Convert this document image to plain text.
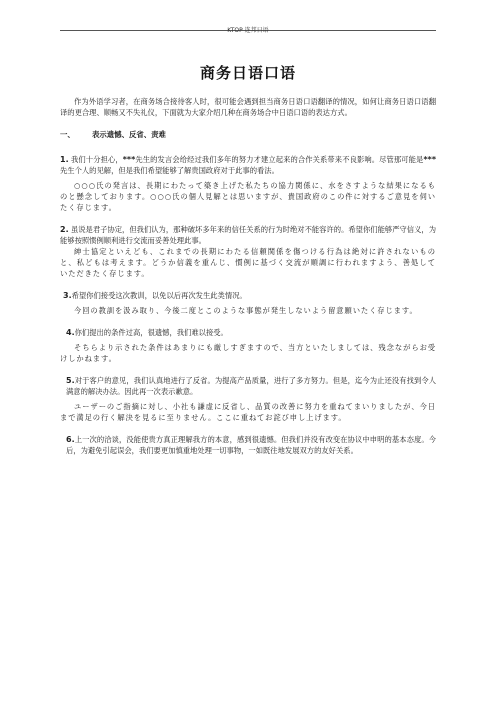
KTOP 连邦日语
商务日语口语

作为外语学习者，在商务场合接待客人时，很可能会遇到担当商务日语口语翻译的情况，如何让商务日语口语翻译的更合理、顺畅又不失礼仪，下面就为大家介绍几种在商务场合中日语口语的表达方式。

一、 表示遗憾、反省、责难

1. 我们十分担心，***先生的发言会给经过我们多年的努力才建立起来的合作关系带来不良影响。尽管那可能是***先生个人的见解，但是我们希望能够了解贵国政府对于此事的看法。

○○○氏の発言は、長期にわたって築き上げた私たちの協力関係に、水をさすような結果になるものと懸念しております。○○○氏の個人見解とは思いますが、貴国政府のこの件に対するご意見を伺いたく存じます。

2. 虽说是君子协定，但我们认为，那种破坏多年来的信任关系的行为时绝对不能容许的。希望你们能够严守信义，为能够按照惯例顺利进行交流而妥善处理此事。

紳士協定といえども、これまでの長期にわたる信頼関係を傷つける行為は絶対に許されないものと、私どもは考えます。どうか信義を重んじ、慣例に基づく交流が順調に行われますよう、善処していただきたく存じます。

3.希望你们接受这次教训，以免以后再次发生此类情况。

今回の教訓を汲み取り、今後二度とこのような事態が発生しないよう留意願いたく存じます。

4.你们提出的条件过高，很遗憾，我们难以接受。

そちらより示された条件はあまりにも厳しすぎますので、当方といたしましては、残念ながらお受けしかねます。

5.对于客户的意见，我们认真地进行了反省。为提高产品质量，进行了多方努力。但是，迄今为止还没有找到令人满意的解决办法。因此再一次表示歉意。

ユーザーのご指摘に対し、小社も謙虚に反省し、品質の改善に努力を重ねてまいりましたが、今日まで満足の行く解決を見るに至りません。ここに重ねてお詫び申し上げます。

6.上一次的洽谈，没能使贵方真正理解我方的本意，感到很遗憾。但我们并没有改变在协议中申明的基本态度。今后，为避免引起误会，我们要更加慎重地处理一切事物，一如既往地发展双方的友好关系。
